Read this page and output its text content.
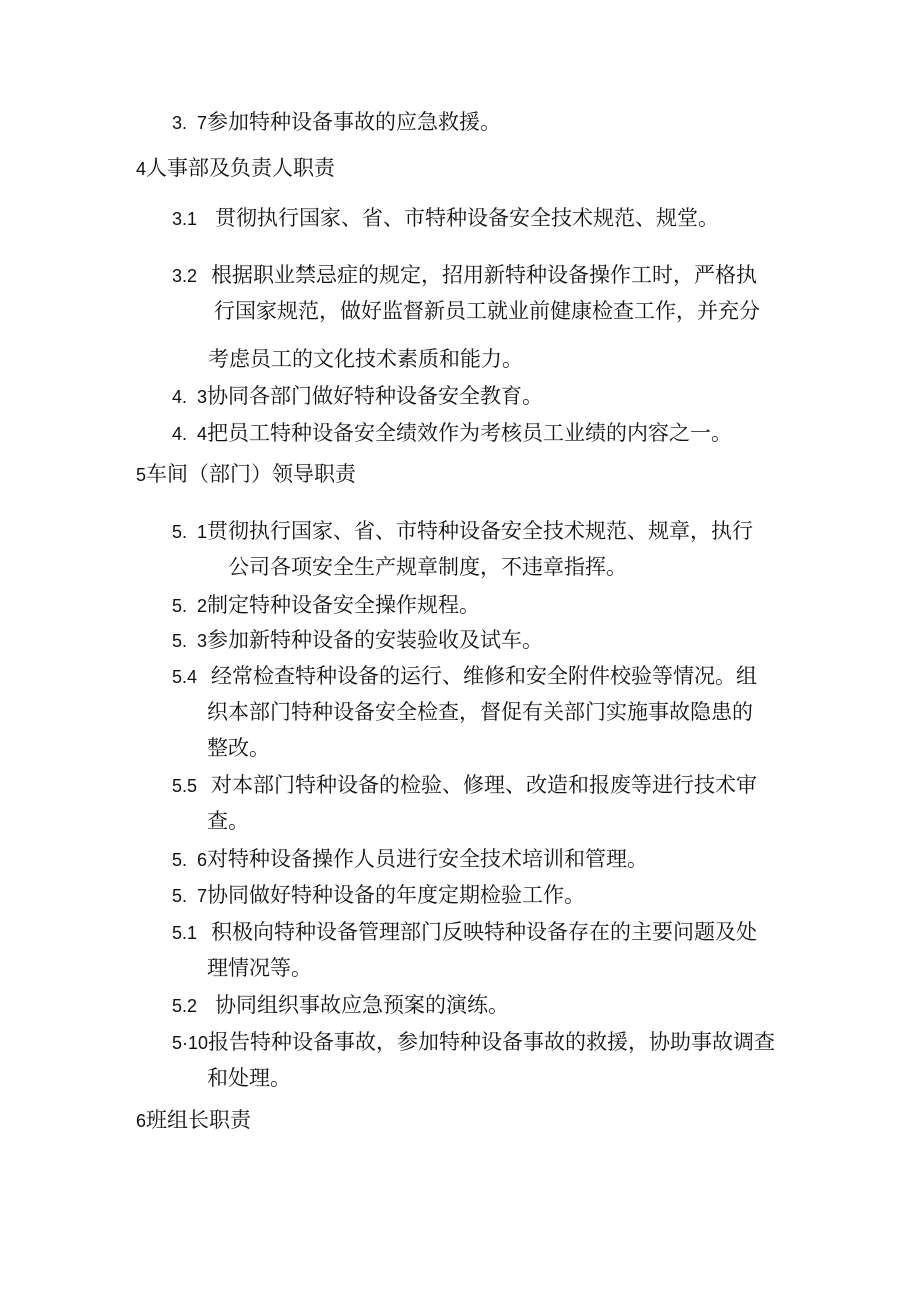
3.  7参加特种设备事故的应急救援。
4人事部及负责人职责
3.1 贯彻执行国家、省、市特种设备安全技术规范、规堂。
3.2 根据职业禁忌症的规定，招用新特种设备操作工时，严格执
行国家规范，做好监督新员工就业前健康检查工作，并充分
考虑员工的文化技术素质和能力。
4.  3协同各部门做好特种设备安全教育。
4.  4把员工特种设备安全绩效作为考核员工业绩的内容之一。
5车间（部门）领导职责
5.  1贯彻执行国家、省、市特种设备安全技术规范、规章，执行
公司各项安全生产规章制度，不违章指挥。
5.  2制定特种设备安全操作规程。
5.  3参加新特种设备的安装验收及试车。
5.4 经常检查特种设备的运行、维修和安全附件校验等情况。组
织本部门特种设备安全检查，督促有关部门实施事故隐患的
整改。
5.5 对本部门特种设备的检验、修理、改造和报废等进行技术审
查。
5.  6对特种设备操作人员进行安全技术培训和管理。
5.  7协同做好特种设备的年度定期检验工作。
5.1 积极向特种设备管理部门反映特种设备存在的主要问题及处
理情况等。
5.2 协同组织事故应急预案的演练。
5·10报告特种设备事故，参加特种设备事故的救援，协助事故调查
和处理。
6班组长职责
